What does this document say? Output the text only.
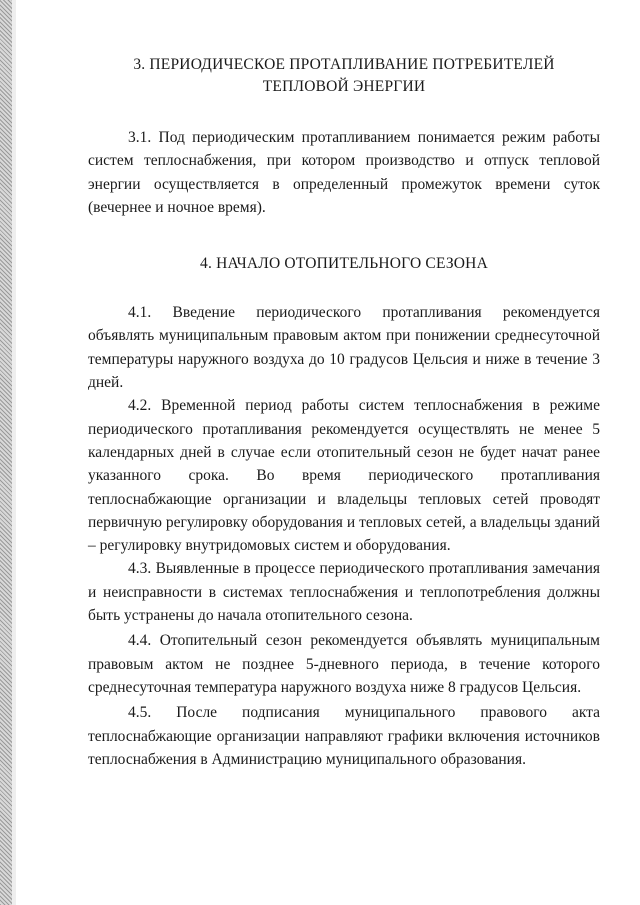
3. ПЕРИОДИЧЕСКОЕ ПРОТАПЛИВАНИЕ ПОТРЕБИТЕЛЕЙ

ТЕПЛОВОЙ ЭНЕРГИИ

3.1. Под периодическим протапливанием понимается режим работы систем теплоснабжения, при котором производство и отпуск тепловой энергии осуществляется в определенный промежуток времени суток (вечернее и ночное время).

4. НАЧАЛО ОТОПИТЕЛЬНОГО СЕЗОНА

4.1. Введение периодического протапливания рекомендуется объявлять муниципальным правовым актом при понижении среднесуточной температуры наружного воздуха до 10 градусов Цельсия и ниже в течение 3 дней.

4.2. Временной период работы систем теплоснабжения в режиме периодического протапливания рекомендуется осуществлять не менее 5 календарных дней в случае если отопительный сезон не будет начат ранее указанного срока. Во время периодического протапливания теплоснабжающие организации и владельцы тепловых сетей проводят первичную регулировку оборудования и тепловых сетей, а владельцы зданий – регулировку внутридомовых систем и оборудования.

4.3. Выявленные в процессе периодического протапливания замечания и неисправности в системах теплоснабжения и теплопотребления должны быть устранены до начала отопительного сезона.

4.4. Отопительный сезон рекомендуется объявлять муниципальным правовым актом не позднее 5-дневного периода, в течение которого среднесуточная температура наружного воздуха ниже 8 градусов Цельсия.

4.5. После подписания муниципального правового акта теплоснабжающие организации направляют графики включения источников теплоснабжения в Администрацию муниципального образования.
